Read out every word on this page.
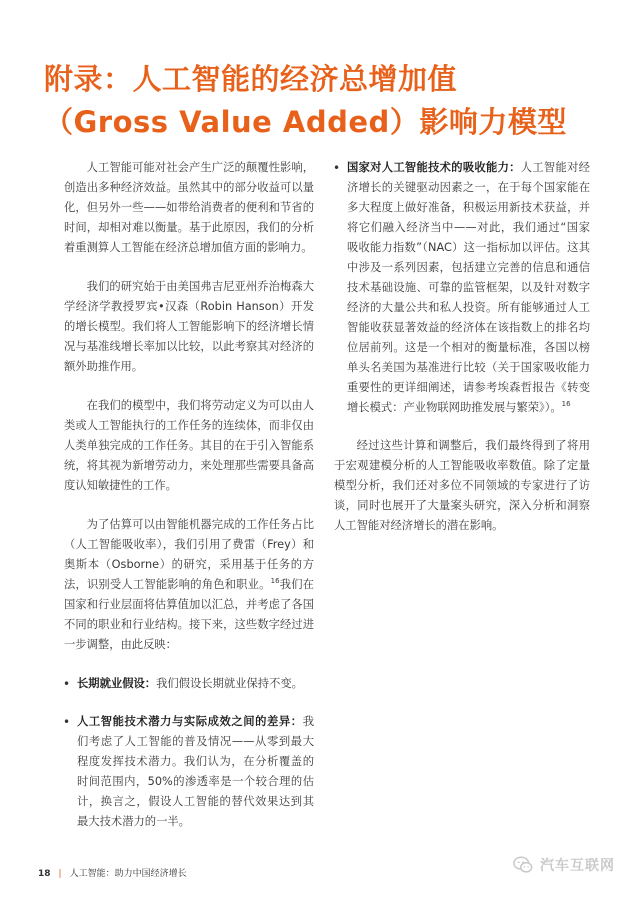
附录：人工智能的经济总增加值
（Gross Value Added）影响力模型

人工智能可能对社会产生广泛的颠覆性影响，创造出多种经济效益。虽然其中的部分收益可以量化，但另外一些——如带给消费者的便利和节省的时间，却相对难以衡量。基于此原因，我们的分析着重测算人工智能在经济总增加值方面的影响力。

我们的研究始于由美国弗吉尼亚州乔治梅森大学经济学教授罗宾•汉森（Robin Hanson）开发的增长模型。我们将人工智能影响下的经济增长情况与基准线增长率加以比较，以此考察其对经济的额外助推作用。

在我们的模型中，我们将劳动定义为可以由人类或人工智能执行的工作任务的连续体，而非仅由人类单独完成的工作任务。其目的在于引入智能系统，将其视为新增劳动力，来处理那些需要具备高度认知敏捷性的工作。

为了估算可以由智能机器完成的工作任务占比（人工智能吸收率），我们引用了费雷（Frey）和奥斯本（Osborne）的研究，采用基于任务的方法，识别受人工智能影响的角色和职业。$^{16}$我们在国家和行业层面将估算值加以汇总，并考虑了各国不同的职业和行业结构。接下来，这些数字经过进一步调整，由此反映：

• 长期就业假设：我们假设长期就业保持不变。
• 人工智能技术潜力与实际成效之间的差异：我们考虑了人工智能的普及情况——从零到最大程度发挥技术潜力。我们认为，在分析覆盖的时间范围内，50%的渗透率是一个较合理的估计，换言之，假设人工智能的替代效果达到其最大技术潜力的一半。
• 国家对人工智能技术的吸收能力：人工智能对经济增长的关键驱动因素之一，在于每个国家能在多大程度上做好准备，积极运用新技术获益，并将它们融入经济当中——对此，我们通过“国家吸收能力指数”（NAC）这一指标加以评估。这其中涉及一系列因素，包括建立完善的信息和通信技术基础设施、可靠的监管框架，以及针对数字经济的大量公共和私人投资。所有能够通过人工智能收获显著效益的经济体在该指数上的排名均位居前列。这是一个相对的衡量标准，各国以榜单头名美国为基准进行比较（关于国家吸收能力重要性的更详细阐述，请参考埃森哲报告《转变增长模式：产业物联网助推发展与繁荣》）。$^{16}$

经过这些计算和调整后，我们最终得到了将用于宏观建模分析的人工智能吸收率数值。除了定量模型分析，我们还对多位不同领域的专家进行了访谈，同时也展开了大量案头研究，深入分析和洞察人工智能对经济增长的潜在影响。

18 | 人工智能：助力中国经济增长	汽车互联网
